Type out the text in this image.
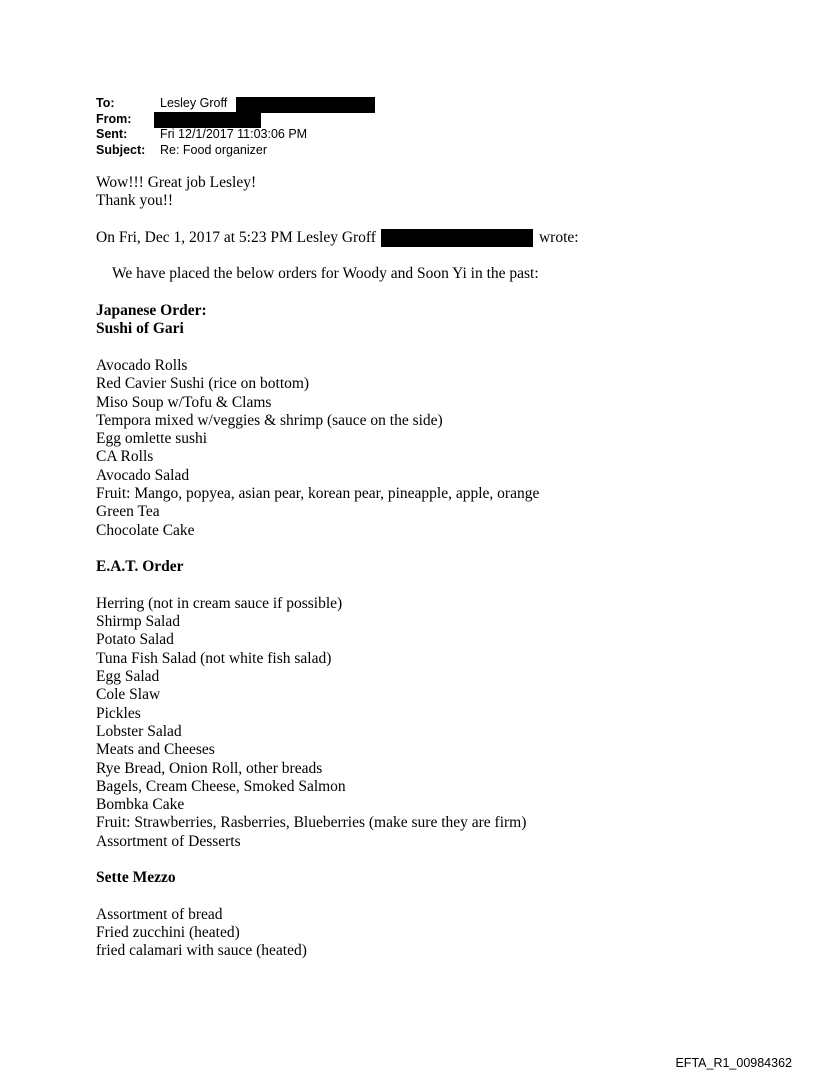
To:	Lesley Groff
From:
Sent:	Fri 12/1/2017 11:03:06 PM
Subject:	Re: Food organizer
Wow!!! Great job Lesley!
Thank you!!
On Fri, Dec 1, 2017 at 5:23 PM Lesley Groff	wrote:
We have placed the below orders for Woody and Soon Yi in the past:
Japanese Order:
Sushi of Gari
Avocado Rolls
Red Cavier Sushi (rice on bottom)
Miso Soup w/Tofu & Clams
Tempora mixed w/veggies & shrimp (sauce on the side)
Egg omlette sushi
CA Rolls
Avocado Salad
Fruit: Mango, popyea, asian pear, korean pear, pineapple, apple, orange
Green Tea
Chocolate Cake
E.A.T. Order
Herring (not in cream sauce if possible)
Shirmp Salad
Potato Salad
Tuna Fish Salad (not white fish salad)
Egg Salad
Cole Slaw
Pickles
Lobster Salad
Meats and Cheeses
Rye Bread, Onion Roll, other breads
Bagels, Cream Cheese, Smoked Salmon
Bombka Cake
Fruit: Strawberries, Rasberries, Blueberries (make sure they are firm)
Assortment of Desserts
Sette Mezzo
Assortment of bread
Fried zucchini (heated)
fried calamari with sauce (heated)
EFTA_R1_00984362
